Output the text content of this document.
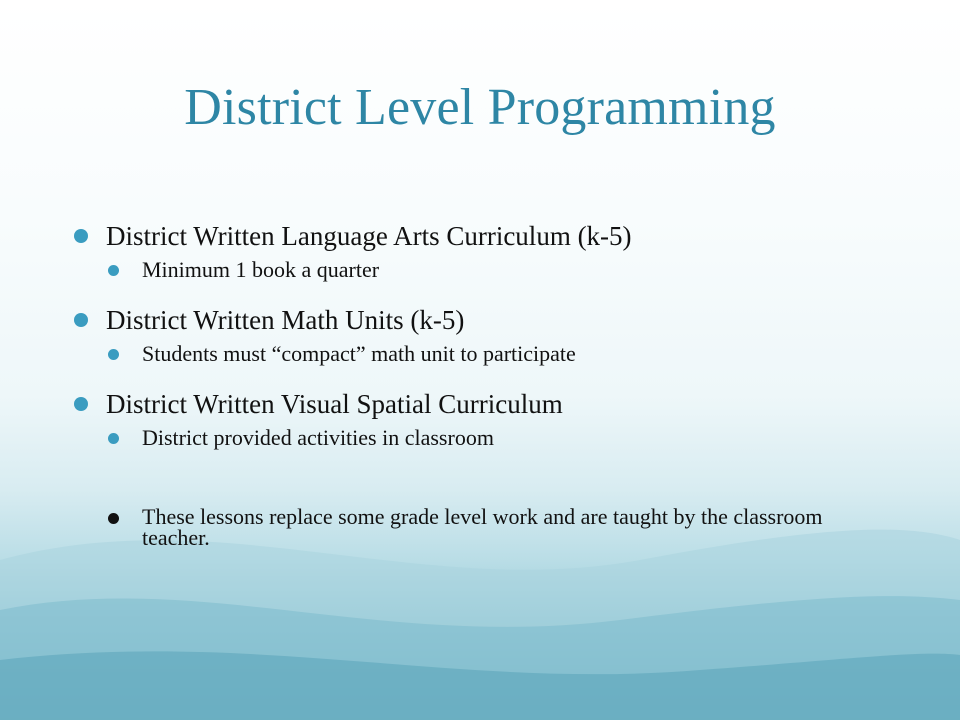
District Level Programming
District Written Language Arts Curriculum (k-5)
Minimum 1 book a quarter
District Written Math Units (k-5)
Students must “compact” math unit to participate
District Written Visual Spatial Curriculum
District provided activities in classroom
These lessons replace some grade level work and are taught by the classroom teacher.
